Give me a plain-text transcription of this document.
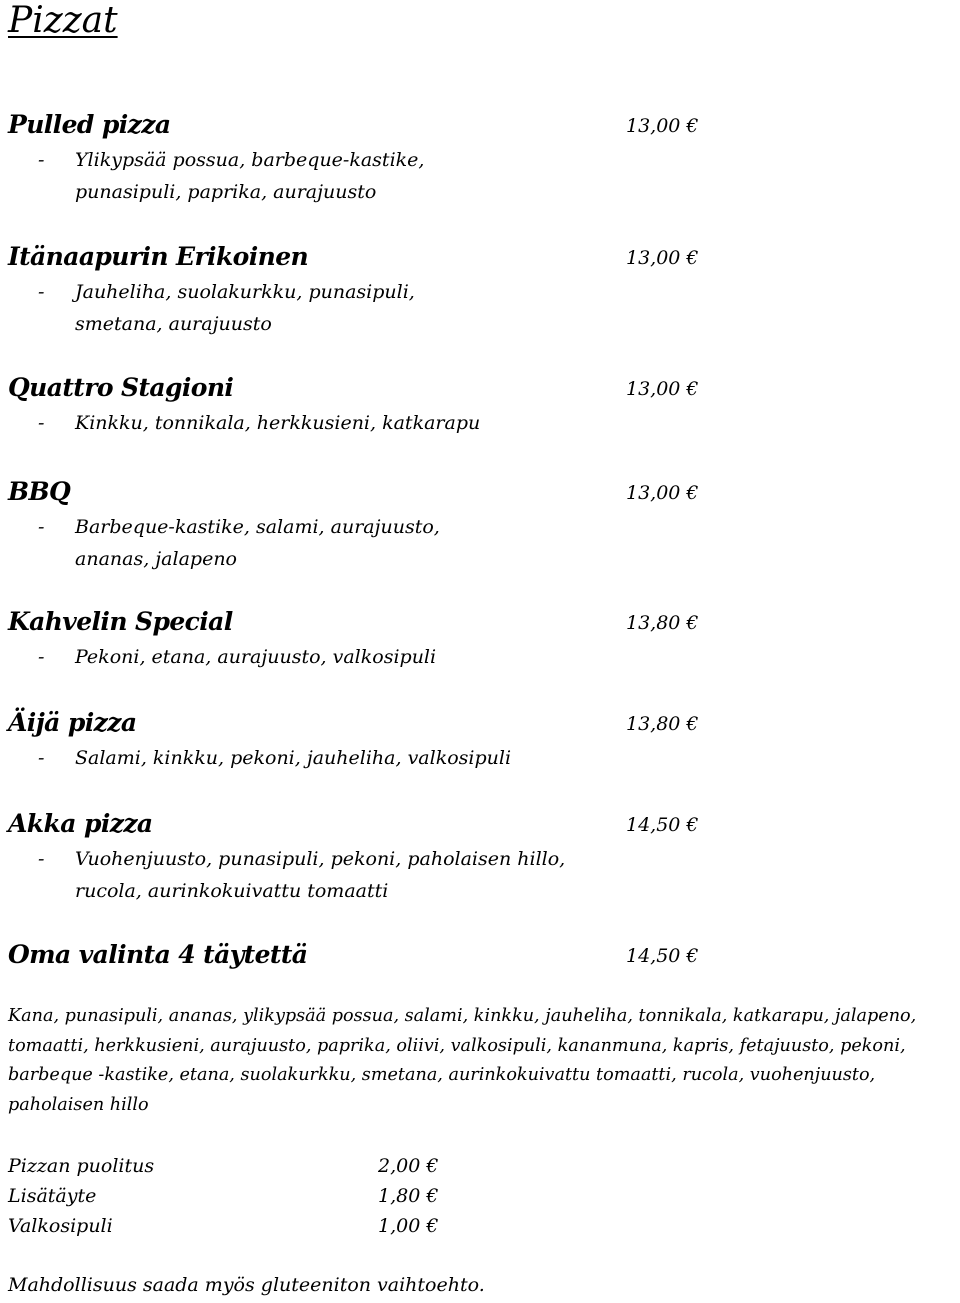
Pizzat
Pulled pizza	13,00 €
- Ylikypsää possua, barbeque-kastike,
punasipuli, paprika, aurajuusto
Itänaapurin Erikoinen	13,00 €
- Jauheliha, suolakurkku, punasipuli,
smetana, aurajuusto
Quattro Stagioni	13,00 €
- Kinkku, tonnikala, herkkusieni, katkarapu
BBQ	13,00 €
- Barbeque-kastike, salami, aurajuusto,
ananas, jalapeno
Kahvelin Special	13,80 €
- Pekoni, etana, aurajuusto, valkosipuli
Äijä pizza	13,80 €
- Salami, kinkku, pekoni, jauheliha, valkosipuli
Akka pizza	14,50 €
- Vuohenjuusto, punasipuli, pekoni, paholaisen hillo,
rucola, aurinkokuivattu tomaatti
Oma valinta 4 täytettä	14,50 €

Kana, punasipuli, ananas, ylikypsää possua, salami, kinkku, jauheliha, tonnikala, katkarapu, jalapeno, tomaatti, herkkusieni, aurajuusto, paprika, oliivi, valkosipuli, kananmuna, kapris, fetajuusto, pekoni, barbeque -kastike, etana, suolakurkku, smetana, aurinkokuivattu tomaatti, rucola, vuohenjuusto, paholaisen hillo

Pizzan puolitus	2,00 €
Lisätäyte	1,80 €
Valkosipuli	1,00 €

Mahdollisuus saada myös gluteeniton vaihtoehto.
